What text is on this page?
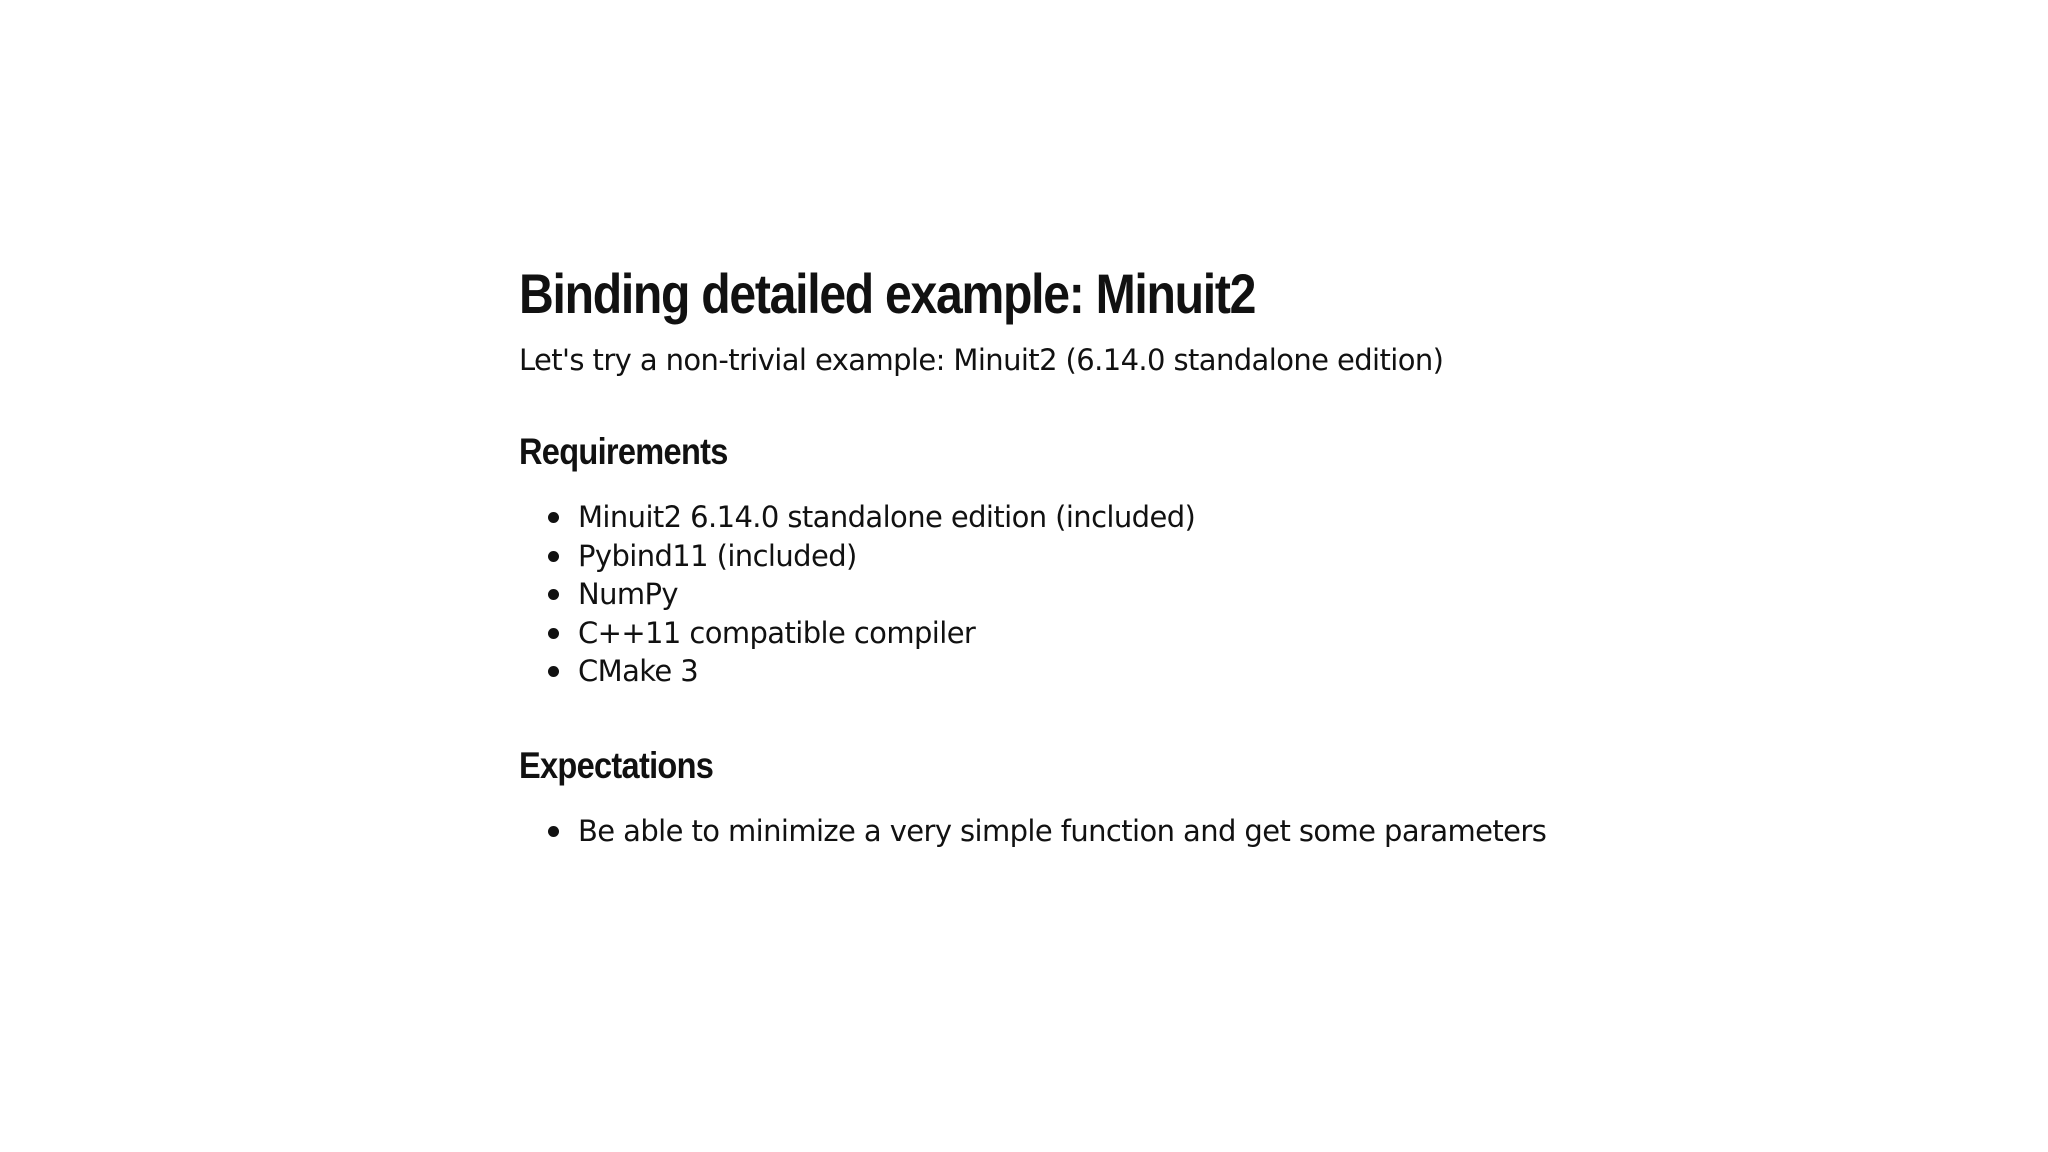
Binding detailed example: Minuit2

Let's try a non-trivial example: Minuit2 (6.14.0 standalone edition)

Requirements
Minuit2 6.14.0 standalone edition (included)
Pybind11 (included)
NumPy
C++11 compatible compiler
CMake 3
Expectations
Be able to minimize a very simple function and get some parameters
